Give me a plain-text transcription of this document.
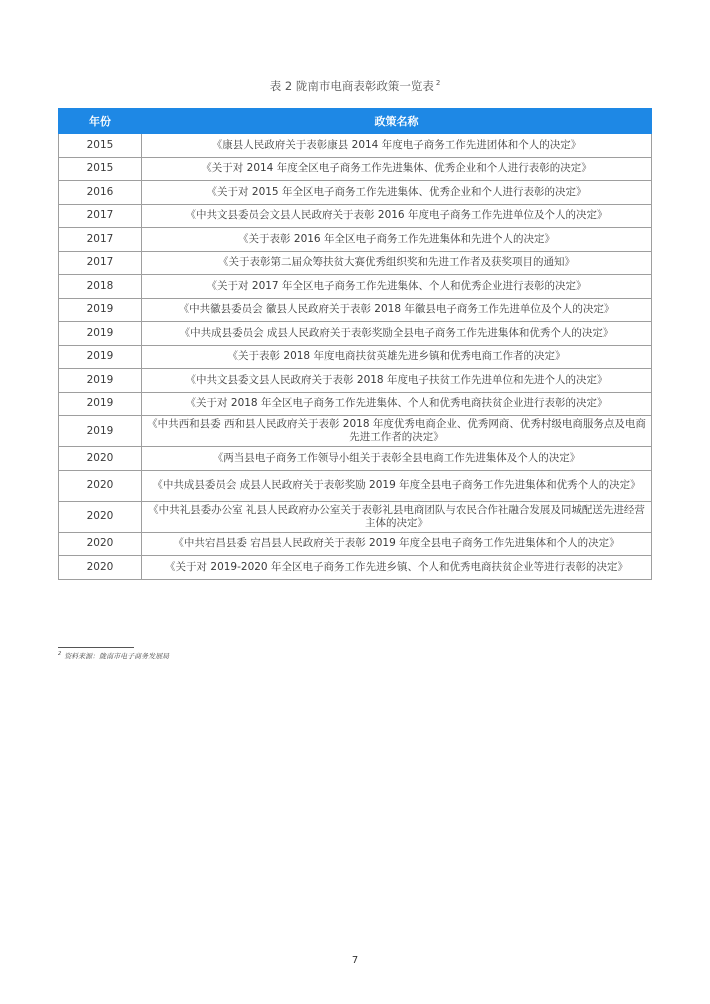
表 2 陇南市电商表彰政策一览表 $^2$
年份	政策名称
2015	《康县人民政府关于表彰康县 2014 年度电子商务工作先进团体和个人的决定》
2015	《关于对 2014 年度全区电子商务工作先进集体、优秀企业和个人进行表彰的决定》
2016	《关于对 2015 年全区电子商务工作先进集体、优秀企业和个人进行表彰的决定》
2017	《中共文县委员会文县人民政府关于表彰 2016 年度电子商务工作先进单位及个人的决定》
2017	《关于表彰 2016 年全区电子商务工作先进集体和先进个人的决定》
2017	《关于表彰第二届众筹扶贫大赛优秀组织奖和先进工作者及获奖项目的通知》
2018	《关于对 2017 年全区电子商务工作先进集体、个人和优秀企业进行表彰的决定》
2019	《中共徽县委员会 徽县人民政府关于表彰 2018 年徽县电子商务工作先进单位及个人的决定》
2019	《中共成县委员会 成县人民政府关于表彰奖励全县电子商务工作先进集体和优秀个人的决定》
2019	《关于表彰 2018 年度电商扶贫英雄先进乡镇和优秀电商工作者的决定》
2019	《中共文县委文县人民政府关于表彰 2018 年度电子扶贫工作先进单位和先进个人的决定》
2019	《关于对 2018 年全区电子商务工作先进集体、个人和优秀电商扶贫企业进行表彰的决定》
2019	《中共西和县委 西和县人民政府关于表彰 2018 年度优秀电商企业、优秀网商、优秀村级电商服务点及电商先进工作者的决定》
2020	《两当县电子商务工作领导小组关于表彰全县电商工作先进集体及个人的决定》
2020	《中共成县委员会 成县人民政府关于表彰奖励 2019 年度全县电子商务工作先进集体和优秀个人的决定》
2020	《中共礼县委办公室 礼县人民政府办公室关于表彰礼县电商团队与农民合作社融合发展及同城配送先进经营主体的决定》
2020	《中共宕昌县委 宕昌县人民政府关于表彰 2019 年度全县电子商务工作先进集体和个人的决定》
2020	《关于对 2019-2020 年全区电子商务工作先进乡镇、个人和优秀电商扶贫企业等进行表彰的决定》
$^2$ 资料来源：陇南市电子商务发展局
7
